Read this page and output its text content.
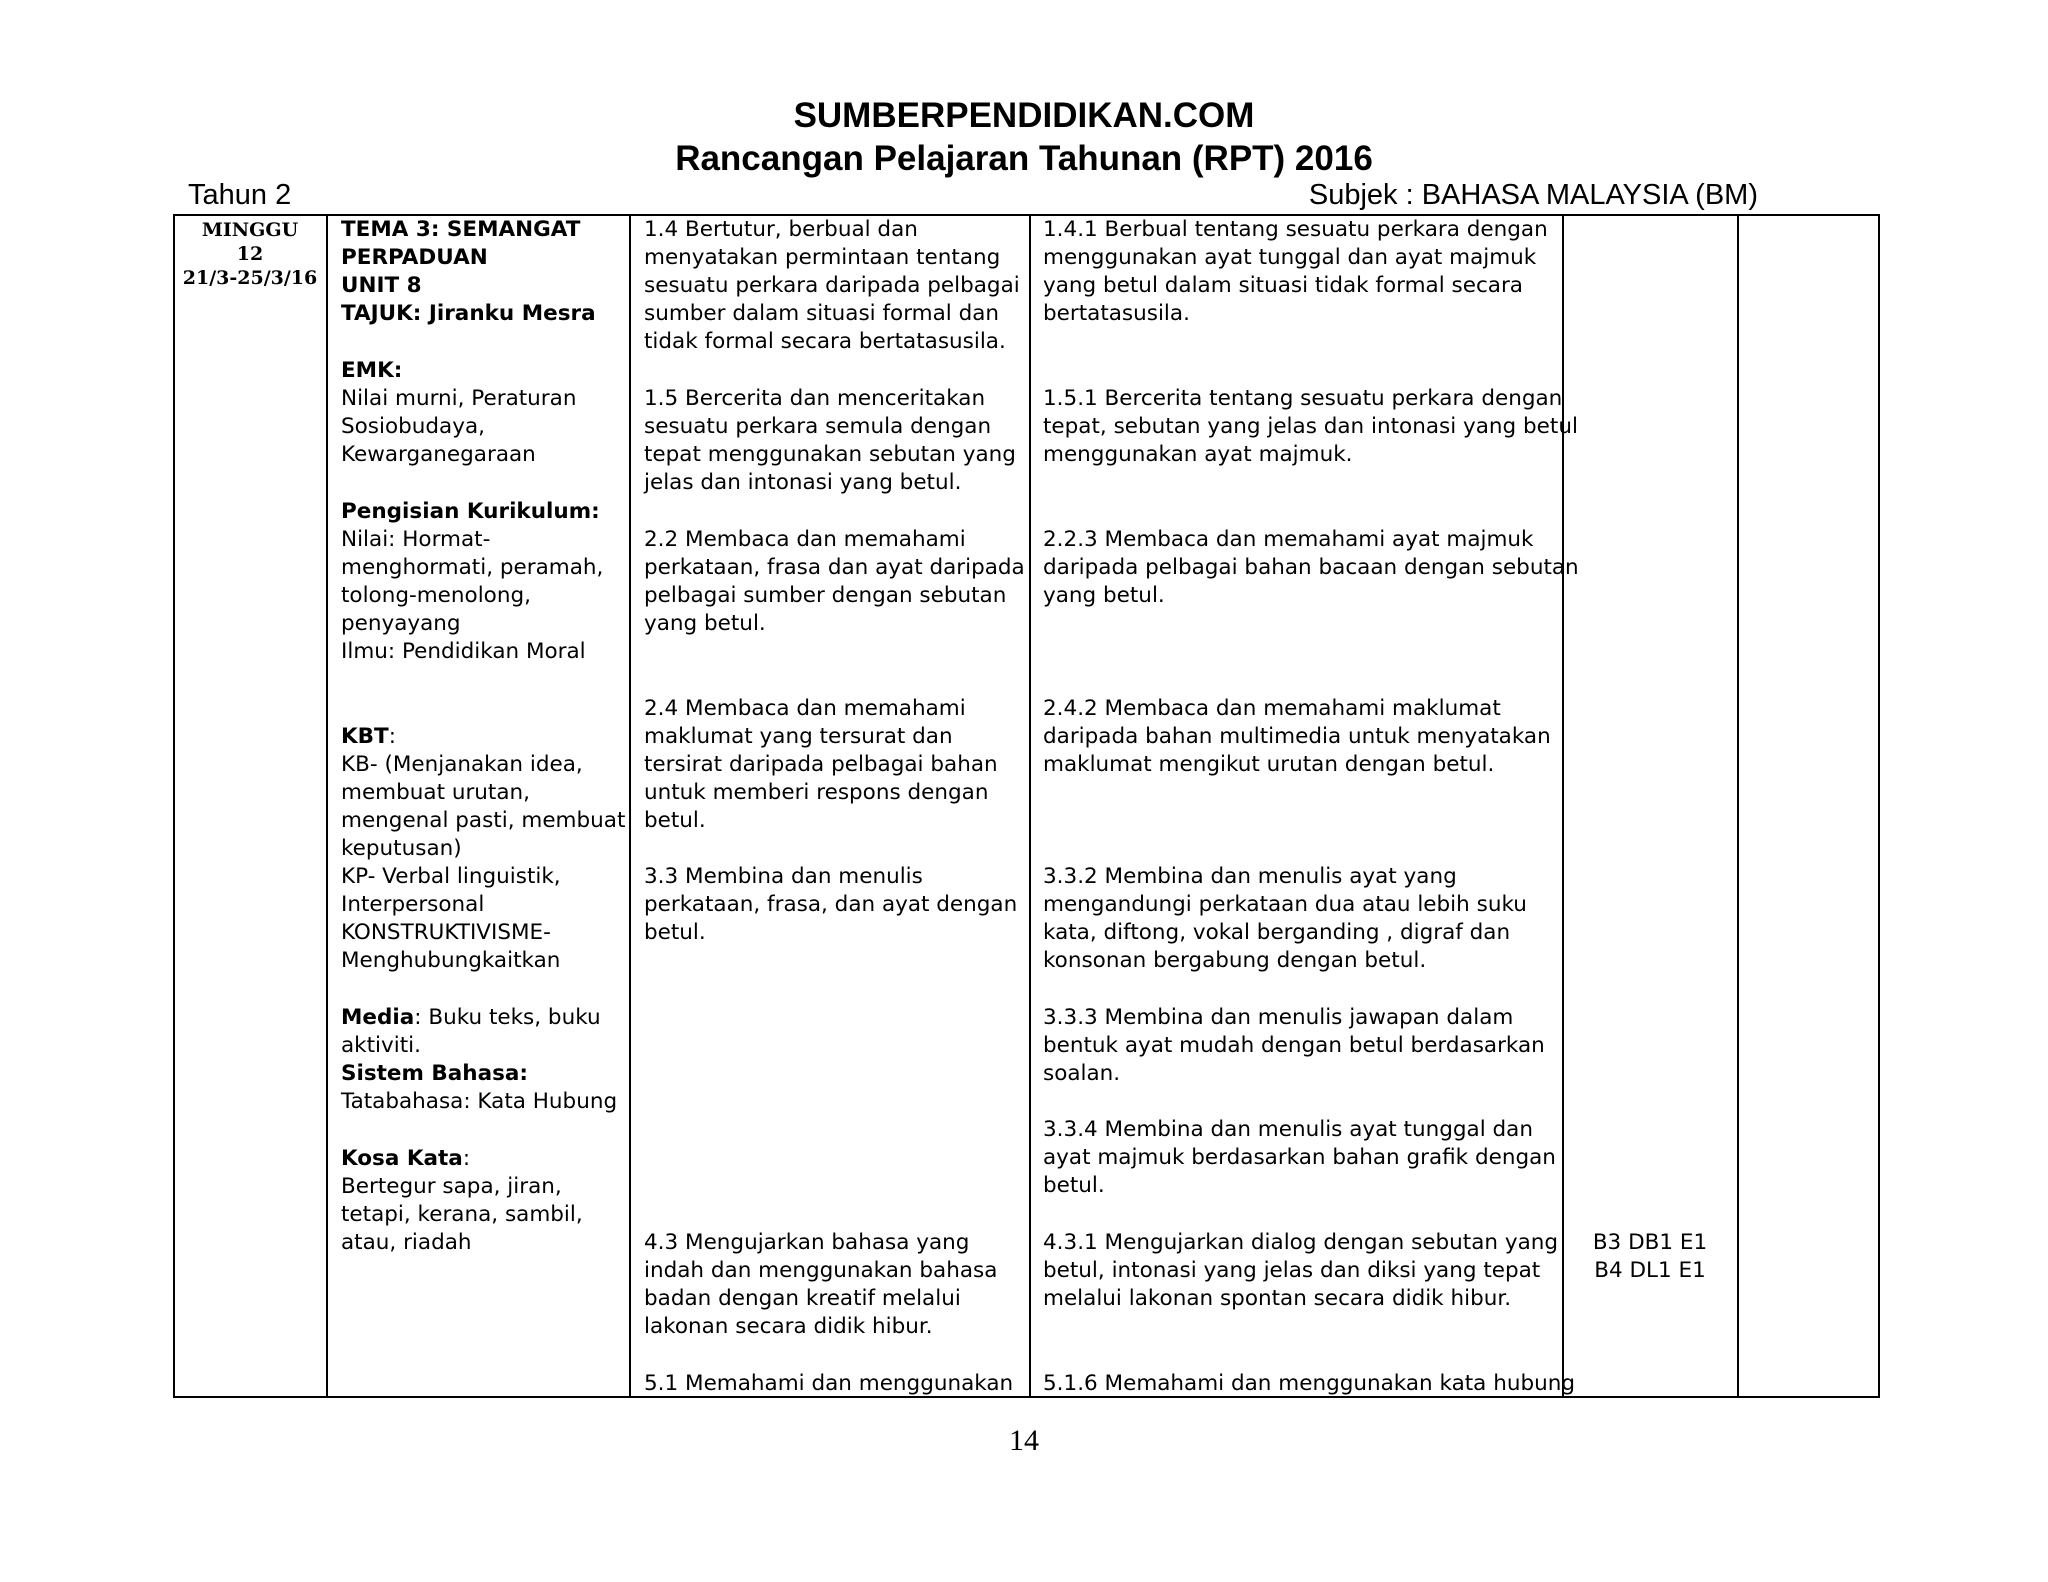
SUMBERPENDIDIKAN.COM
Rancangan Pelajaran Tahunan (RPT) 2016
Tahun 2	Subjek : BAHASA MALAYSIA (BM)
MINGGU
12
21/3-25/3/16
TEMA 3: SEMANGAT
PERPADUAN
UNIT 8
TAJUK: Jiranku Mesra
EMK:
Nilai murni, Peraturan
Sosiobudaya,
Kewarganegaraan
Pengisian Kurikulum:
Nilai: Hormat-
menghormati, peramah,
tolong-menolong,
penyayang
Ilmu: Pendidikan Moral
KBT:
KB- (Menjanakan idea,
membuat urutan,
mengenal pasti, membuat
keputusan)
KP- Verbal linguistik,
Interpersonal
KONSTRUKTIVISME-
Menghubungkaitkan
Media: Buku teks, buku
aktiviti.
Sistem Bahasa:
Tatabahasa: Kata Hubung
Kosa Kata:
Bertegur sapa, jiran,
tetapi, kerana, sambil,
atau, riadah
1.4 Bertutur, berbual dan
menyatakan permintaan tentang
sesuatu perkara daripada pelbagai
sumber dalam situasi formal dan
tidak formal secara bertatasusila.
1.5 Bercerita dan menceritakan
sesuatu perkara semula dengan
tepat menggunakan sebutan yang
jelas dan intonasi yang betul.
2.2 Membaca dan memahami
perkataan, frasa dan ayat daripada
pelbagai sumber dengan sebutan
yang betul.
2.4 Membaca dan memahami
maklumat yang tersurat dan
tersirat daripada pelbagai bahan
untuk memberi respons dengan
betul.
3.3 Membina dan menulis
perkataan, frasa, dan ayat dengan
betul.
4.3 Mengujarkan bahasa yang
indah dan menggunakan bahasa
badan dengan kreatif melalui
lakonan secara didik hibur.
5.1 Memahami dan menggunakan
1.4.1 Berbual tentang sesuatu perkara dengan
menggunakan ayat tunggal dan ayat majmuk
yang betul dalam situasi tidak formal secara
bertatasusila.
1.5.1 Bercerita tentang sesuatu perkara dengan
tepat, sebutan yang jelas dan intonasi yang betul
menggunakan ayat majmuk.
2.2.3 Membaca dan memahami ayat majmuk
daripada pelbagai bahan bacaan dengan sebutan
yang betul.
2.4.2 Membaca dan memahami maklumat
daripada bahan multimedia untuk menyatakan
maklumat mengikut urutan dengan betul.
3.3.2 Membina dan menulis ayat yang
mengandungi perkataan dua atau lebih suku
kata, diftong, vokal berganding , digraf dan
konsonan bergabung dengan betul.
3.3.3 Membina dan menulis jawapan dalam
bentuk ayat mudah dengan betul berdasarkan
soalan.
3.3.4 Membina dan menulis ayat tunggal dan
ayat majmuk berdasarkan bahan grafik dengan
betul.
4.3.1 Mengujarkan dialog dengan sebutan yang
betul, intonasi yang jelas dan diksi yang tepat
melalui lakonan spontan secara didik hibur.
5.1.6 Memahami dan menggunakan kata hubung
B3 DB1 E1
B4 DL1 E1
14
